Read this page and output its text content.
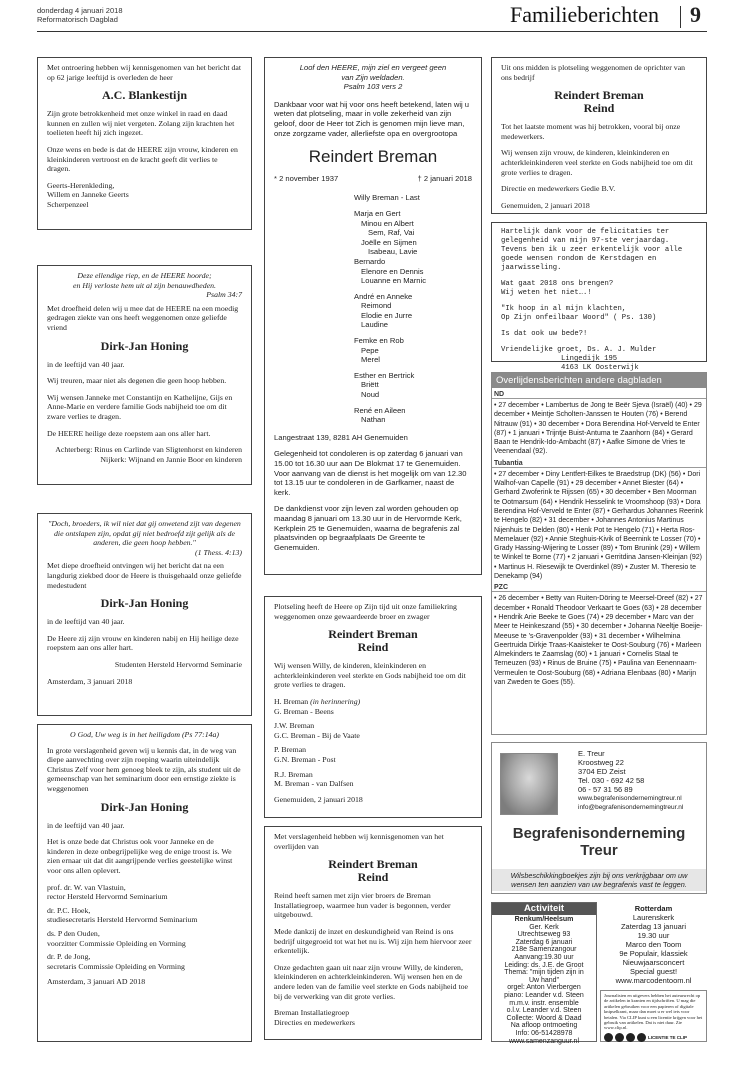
donderdag 4 januari 2018
Reformatorisch Dagblad	Familieberichten 9

Met ontroering hebben wij kennisgenomen van het bericht dat op 62 jarige leeftijd is overleden de heer

A.C. Blankestijn

Zijn grote betrokkenheid met onze winkel in raad en daad kunnen en zullen wij niet vergeten. Zolang zijn krachten het toelieten heeft hij zich ingezet.

Onze wens en bede is dat de HEERE zijn vrouw, kinderen en kleinkinderen vertroost en de kracht geeft dit verlies te dragen.

Geerts-Herenkleding,
Willem en Janneke Geerts
Scherpenzeel
Deze ellendige riep, en de HEERE hoorde;
en Hij verloste hem uit al zijn benauwdheden.
Psalm 34:7

Met droefheid delen wij u mee dat de HEERE na een moedig gedragen ziekte van ons heeft weggenomen onze geliefde vriend

Dirk-Jan Honing

in de leeftijd van 40 jaar.

Wij treuren, maar niet als degenen die geen hoop hebben.

Wij wensen Janneke met Constantijn en Kathelijne, Gijs en Anne-Marie en verdere familie Gods nabijheid toe om dit zware verlies te dragen.

De HEERE heilige deze roepstem aan ons aller hart.

Achterberg: Rinus en Carlinde van Sligtenhorst en kinderen
Nijkerk: Wijnand en Jannie Boor en kinderen
"Doch, broeders, ik wil niet dat gij onwetend zijt van degenen die ontslapen zijn, opdat gij niet bedroefd zijt gelijk als de anderen, die geen hoop hebben."
(1 Thess. 4:13)

Met diepe droefheid ontvingen wij het bericht dat na een langdurig ziekbed door de Heere is thuisgehaald onze geliefde medestudent

Dirk-Jan Honing

in de leeftijd van 40 jaar.

De Heere zij zijn vrouw en kinderen nabij en Hij heilige deze roepstem aan ons aller hart.

Studenten Hersteld Hervormd Seminarie

Amsterdam, 3 januari 2018
O God, Uw weg is in het heiligdom (Ps 77:14a)

In grote verslagenheid geven wij u kennis dat, in de weg van diepe aanvechting over zijn roeping waarin uiteindelijk Christus Zelf voor hem genoeg bleek te zijn, als student uit de gemeenschap van het seminarium door een ernstige ziekte is weggenomen

Dirk-Jan Honing

in de leeftijd van 40 jaar.

Het is onze bede dat Christus ook voor Janneke en de kinderen in deze onbegrijpelijke weg de enige troost is. We zien ernaar uit dat dit aangrijpende verlies geestelijke winst voor ons allen oplevert.

prof. dr. W. van Vlastuin,
rector Hersteld Hervormd Seminarium
dr. P.C. Hoek,
studiesecretaris Hersteld Hervormd Seminarium
ds. P den Ouden,
voorzitter Commissie Opleiding en Vorming
dr. P. de Jong,
secretaris Commissie Opleiding en Vorming
Amsterdam, 3 januari AD 2018
Loof den HEERE, mijn ziel en vergeet geen
van Zijn weldaden.
Psalm 103 vers 2

Dankbaar voor wat hij voor ons heeft betekend, laten wij u weten dat plotseling, maar in volle zekerheid van zijn geloof, door de Heer tot Zich is genomen mijn lieve man, onze zorgzame vader, allerliefste opa en overgrootopa

Reindert Breman
* 2 november 1937	† 2 januari 2018
Willy Breman - Last
Marja en Gert
Minou en Albert
Sem, Raf, Vai
Joëlle en Sijmen
Isabeau, Lavie
Bernardo
Elenore en Dennis
Louanne en Marnic
André en Anneke
Reimond
Elodie en Jurre
Laudine
Femke en Rob
Pepe
Merel
Esther en Bertrick
Briëtt
Noud
René en Aileen
Nathan

Langestraat 139, 8281 AH Genemuiden

Gelegenheid tot condoleren is op zaterdag 6 januari van 15.00 tot 16.30 uur aan De Blokmat 17 te Genemuiden. Voor aanvang van de dienst is het mogelijk om van 12.30 tot 13.15 uur te condoleren in de Garfkamer, naast de kerk.

De dankdienst voor zijn leven zal worden gehouden op maandag 8 januari om 13.30 uur in de Hervormde Kerk, Kerkplein 25 te Genemuiden, waarna de begrafenis zal plaatsvinden op begraafplaats De Greente te Genemuiden.

Plotseling heeft de Heere op Zijn tijd uit onze familiekring weggenomen onze gewaardeerde broer en zwager

Reindert Breman
Reind

Wij wensen Willy, de kinderen, kleinkinderen en achterkleinkinderen veel sterkte en Gods nabijheid toe om dit grote verlies te dragen.

H. Breman (in herinnering)
G. Breman - Beens
J.W. Breman
G.C. Breman - Bij de Vaate
P. Breman
G.N. Breman - Post
R.J. Breman
M. Breman - van Dalfsen
Genemuiden, 2 januari 2018

Met verslagenheid hebben wij kennisgenomen van het overlijden van

Reindert Breman
Reind

Reind heeft samen met zijn vier broers de Breman Installatiegroep, waarmee hun vader is begonnen, verder uitgebouwd.

Mede dankzij de inzet en deskundigheid van Reind is ons bedrijf uitgegroeid tot wat het nu is. Wij zijn hem hiervoor zeer erkentelijk.

Onze gedachten gaan uit naar zijn vrouw Willy, de kinderen, kleinkinderen en achterkleinkinderen. Wij wensen hen en de andere leden van de familie veel sterkte en Gods nabijheid toe bij de verwerking van dit grote verlies.

Breman Installatiegroep
Directies en medewerkers

Uit ons midden is plotseling weggenomen de oprichter van ons bedrijf

Reindert Breman
Reind

Tot het laatste moment was hij betrokken, vooral bij onze medewerkers.

Wij wensen zijn vrouw, de kinderen, kleinkinderen en achterkleinkinderen veel sterkte en Gods nabijheid toe om dit grote verlies te dragen.

Directie en medewerkers Gedie B.V.

Genemuiden, 2 januari 2018

Hartelijk dank voor de felicitaties ter gelegenheid van mijn 97-ste verjaardag. Tevens ben ik u zeer erkentelijk voor alle goede wensen rondom de Kerstdagen en jaarwisseling.

Wat gaat 2018 ons brengen?

Wij weten het niet….!

"Ik hoop in al mijn klachten,

Op Zijn onfeilbaar Woord" ( Ps. 130)

Is dat ook uw bede?!

Vriendelijke groet, Ds. A. J. Mulder
Lingedijk 195
4163 LK Oosterwijk
Overlijdensberichten andere dagbladen
ND
• 27 december • Lambertus de Jong te Beër Sjeva (Israël) (40) • 29 december • Meintje Scholten-Janssen te Houten (76) • Berend Nitrauw (91) • 30 december • Dora Berendina Hof-Verveld te Enter (87) • 1 januari • Trijntje Buist-Antuma te Zaanhorn (84) • Gerard Baan te Hendrik-Ido-Ambacht (87) • Aafke Simone de Vries te Veenendaal (92).
Tubantia
• 27 december • Diny Lentfert-Eilkes te Braedstrup (DK) (56) • Dori Walhof-van Capelle (91) • 29 december • Annet Biester (64) • Gerhard Zwoferink te Rijssen (65) • 30 december • Ben Moorman te Ootmarsum (64) • Hendrik Hesselink te Vroomshoop (93) • Dora Berendina Hof-Verveld te Enter (87) • Gerhardus Johannes Reerink te Hengelo (82) • 31 december • Johannes Antonius Martinus Nijenhuis te Delden (80) • Henk Pot te Hengelo (71) • Herta Ros-Memelauer (92) • Annie Steghuis-Kivik of Beernink te Losser (70) • Grady Hassing-Wijering te Losser (89) • Tom Brunink (29) • Willem te Winkel te Borne (77) • 2 januari • Gerritdina Jansen-Kleinjan (92) • Martinus H. Riesewijk te Overdinkel (89) • Zuster M. Theresio te Denekamp (94)
PZC
• 26 december • Betty van Ruiten-Döring te Meersel-Dreef (82) • 27 december • Ronald Theodoor Verkaart te Goes (63) • 28 december • Hendrik Arie Beeke te Goes (74) • 29 december • Marc van der Meer te Heinkeszand (55) • 30 december • Johanna Neeltje Boeije-Meeuse te 's-Gravenpolder (93) • 31 december • Wilhelmina Geertruida Dirkje Traas-Kaaisteker te Oost-Souburg (76) • Marleen Almekinders te Zaamslag (60) • 1 januari • Cornelis Staal te Terneuzen (93) • Rinus de Bruine (75) • Paulina van Eenennaam-Vermeulen te Oost-Souburg (68) • Adriana Elenbaas (80) • Marijn van Zweden te Goes (55).
E. Treur
Kroostweg 22
3704 ED Zeist
Tel. 030 - 692 42 58
06 - 57 31 56 89
www.begrafenisondernemingtreur.nl
info@begrafenisondernemingtreur.nl
Begrafenisonderneming
Treur
Wilsbeschikkingboekjes zijn bij ons verkrijgbaar om uw
wensen ten aanzien van uw begrafenis vast te leggen.
Activiteit
Renkum/Heelsum
Ger. Kerk
Utrechtseweg 93
Zaterdag 6 januari
218e Samenzangour
Aanvang:19.30 uur
Leiding: ds. J.E. de Groot
Thema: "mijn tijden zijn in
Uw hand"
orgel: Anton Vierbergen
piano: Leander v.d. Steen
m.m.v. instr. ensemble
o.l.v. Leander v.d. Steen
Collecte: Woord & Daad
Na afloop ontmoeting
Info: 06-51428978
www.samenzanguur.nl
Rotterdam
Laurenskerk
Zaterdag 13 januari
19.30 uur
Marco den Toom
9e Populair, klassiek
Nieuwjaarsconcert
Special guest!
www.marcodentoom.nl
Journalisten en uitgevers hebben het auteursrecht op de artikelen in kranten en tijdschriften. U mag die artikelen gebruiken voor een papieren of digitale knipselkrant, maar dan moet u er wel iets voor betalen. Via CLIP kunt u een licentie krijgen voor het gebruik van artikelen. Dat is niet duur. Zie www.clip.nl.
LICENTIE TE CLIP
